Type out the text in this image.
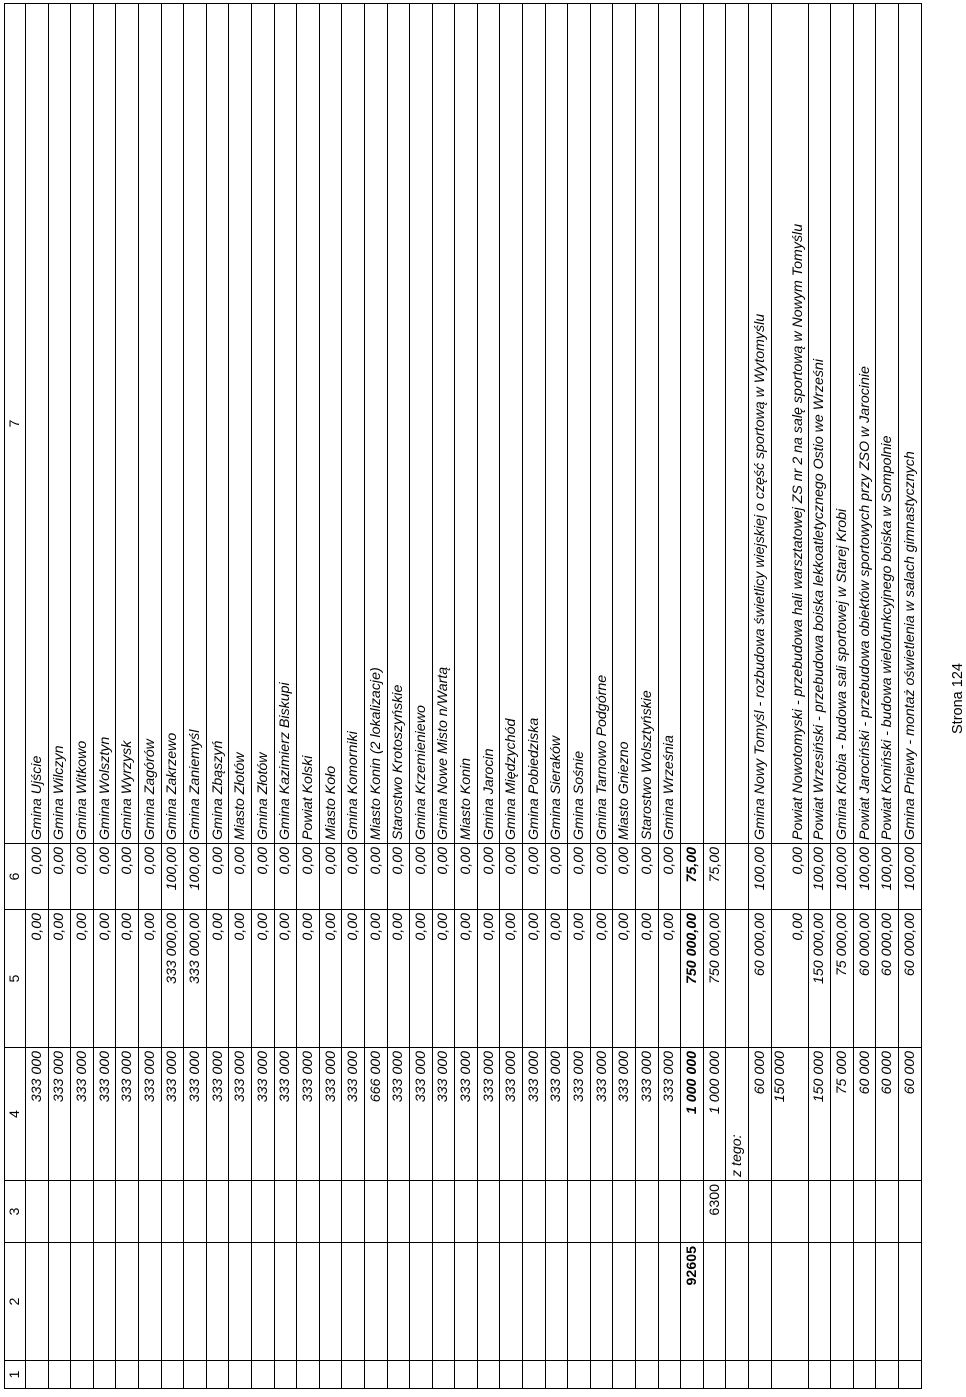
1	2	3	4	5	6	7
			333 000	0,00	0,00	Gmina Ujście
			333 000	0,00	0,00	Gmina Wilczyn
			333 000	0,00	0,00	Gmina Witkowo
			333 000	0,00	0,00	Gmina Wolsztyn
			333 000	0,00	0,00	Gmina Wyrzysk
			333 000	0,00	0,00	Gmina Zagórów
			333 000	333 000,00	100,00	Gmina Zakrzewo
			333 000	333 000,00	100,00	Gmina Zaniemyśl
			333 000	0,00	0,00	Gmina Zbąszyń
			333 000	0,00	0,00	Miasto Złotów
			333 000	0,00	0,00	Gmina Złotów
			333 000	0,00	0,00	Gmina Kazimierz Biskupi
			333 000	0,00	0,00	Powiat Kolski
			333 000	0,00	0,00	Miasto Koło
			333 000	0,00	0,00	Gmina Komorniki
			666 000	0,00	0,00	Miasto Konin (2 lokalizacje)
			333 000	0,00	0,00	Starostwo Krotoszyńskie
			333 000	0,00	0,00	Gmina Krzemieniewo
			333 000	0,00	0,00	Gmina Nowe Misto n/Wartą
			333 000	0,00	0,00	Miasto Konin
			333 000	0,00	0,00	Gmina Jarocin
			333 000	0,00	0,00	Gmina Międzychód
			333 000	0,00	0,00	Gmina Pobiedziska
			333 000	0,00	0,00	Gmina Sieraków
			333 000	0,00	0,00	Gmina Sośnie
			333 000	0,00	0,00	Gmina Tarnowo Podgórne
			333 000	0,00	0,00	Miasto Gniezno
			333 000	0,00	0,00	Starostwo Wolsztyńskie
			333 000	0,00	0,00	Gmina Września
	92605		1 000 000	750 000,00	75,00	
		6300	1 000 000	750 000,00	75,00	
			z tego:			
			60 000	60 000,00	100,00	Gmina Nowy Tomyśl - rozbudowa świetlicy wiejskiej o część sportową w Wytomyślu
			150 000	0,00	0,00	Powiat Nowotomyski - przebudowa hali warsztatowej ZS nr 2 na salę sportową w Nowym Tomyślu
			150 000	150 000,00	100,00	Powiat Wrzesiński - przebudowa boiska lekkoatletycznego Ostio we Wrześni
			75 000	75 000,00	100,00	Gmina Krobia - budowa sali sportowej w Starej Krobi
			60 000	60 000,00	100,00	Powiat Jarociński - przebudowa obiektów sportowych przy ZSO w Jarocinie
			60 000	60 000,00	100,00	Powiat Koniński - budowa wielofunkcyjnego boiska w Sompolnie
			60 000	60 000,00	100,00	Gmina Pniewy - montaż oświetlenia w salach gimnastycznych Strona 124
